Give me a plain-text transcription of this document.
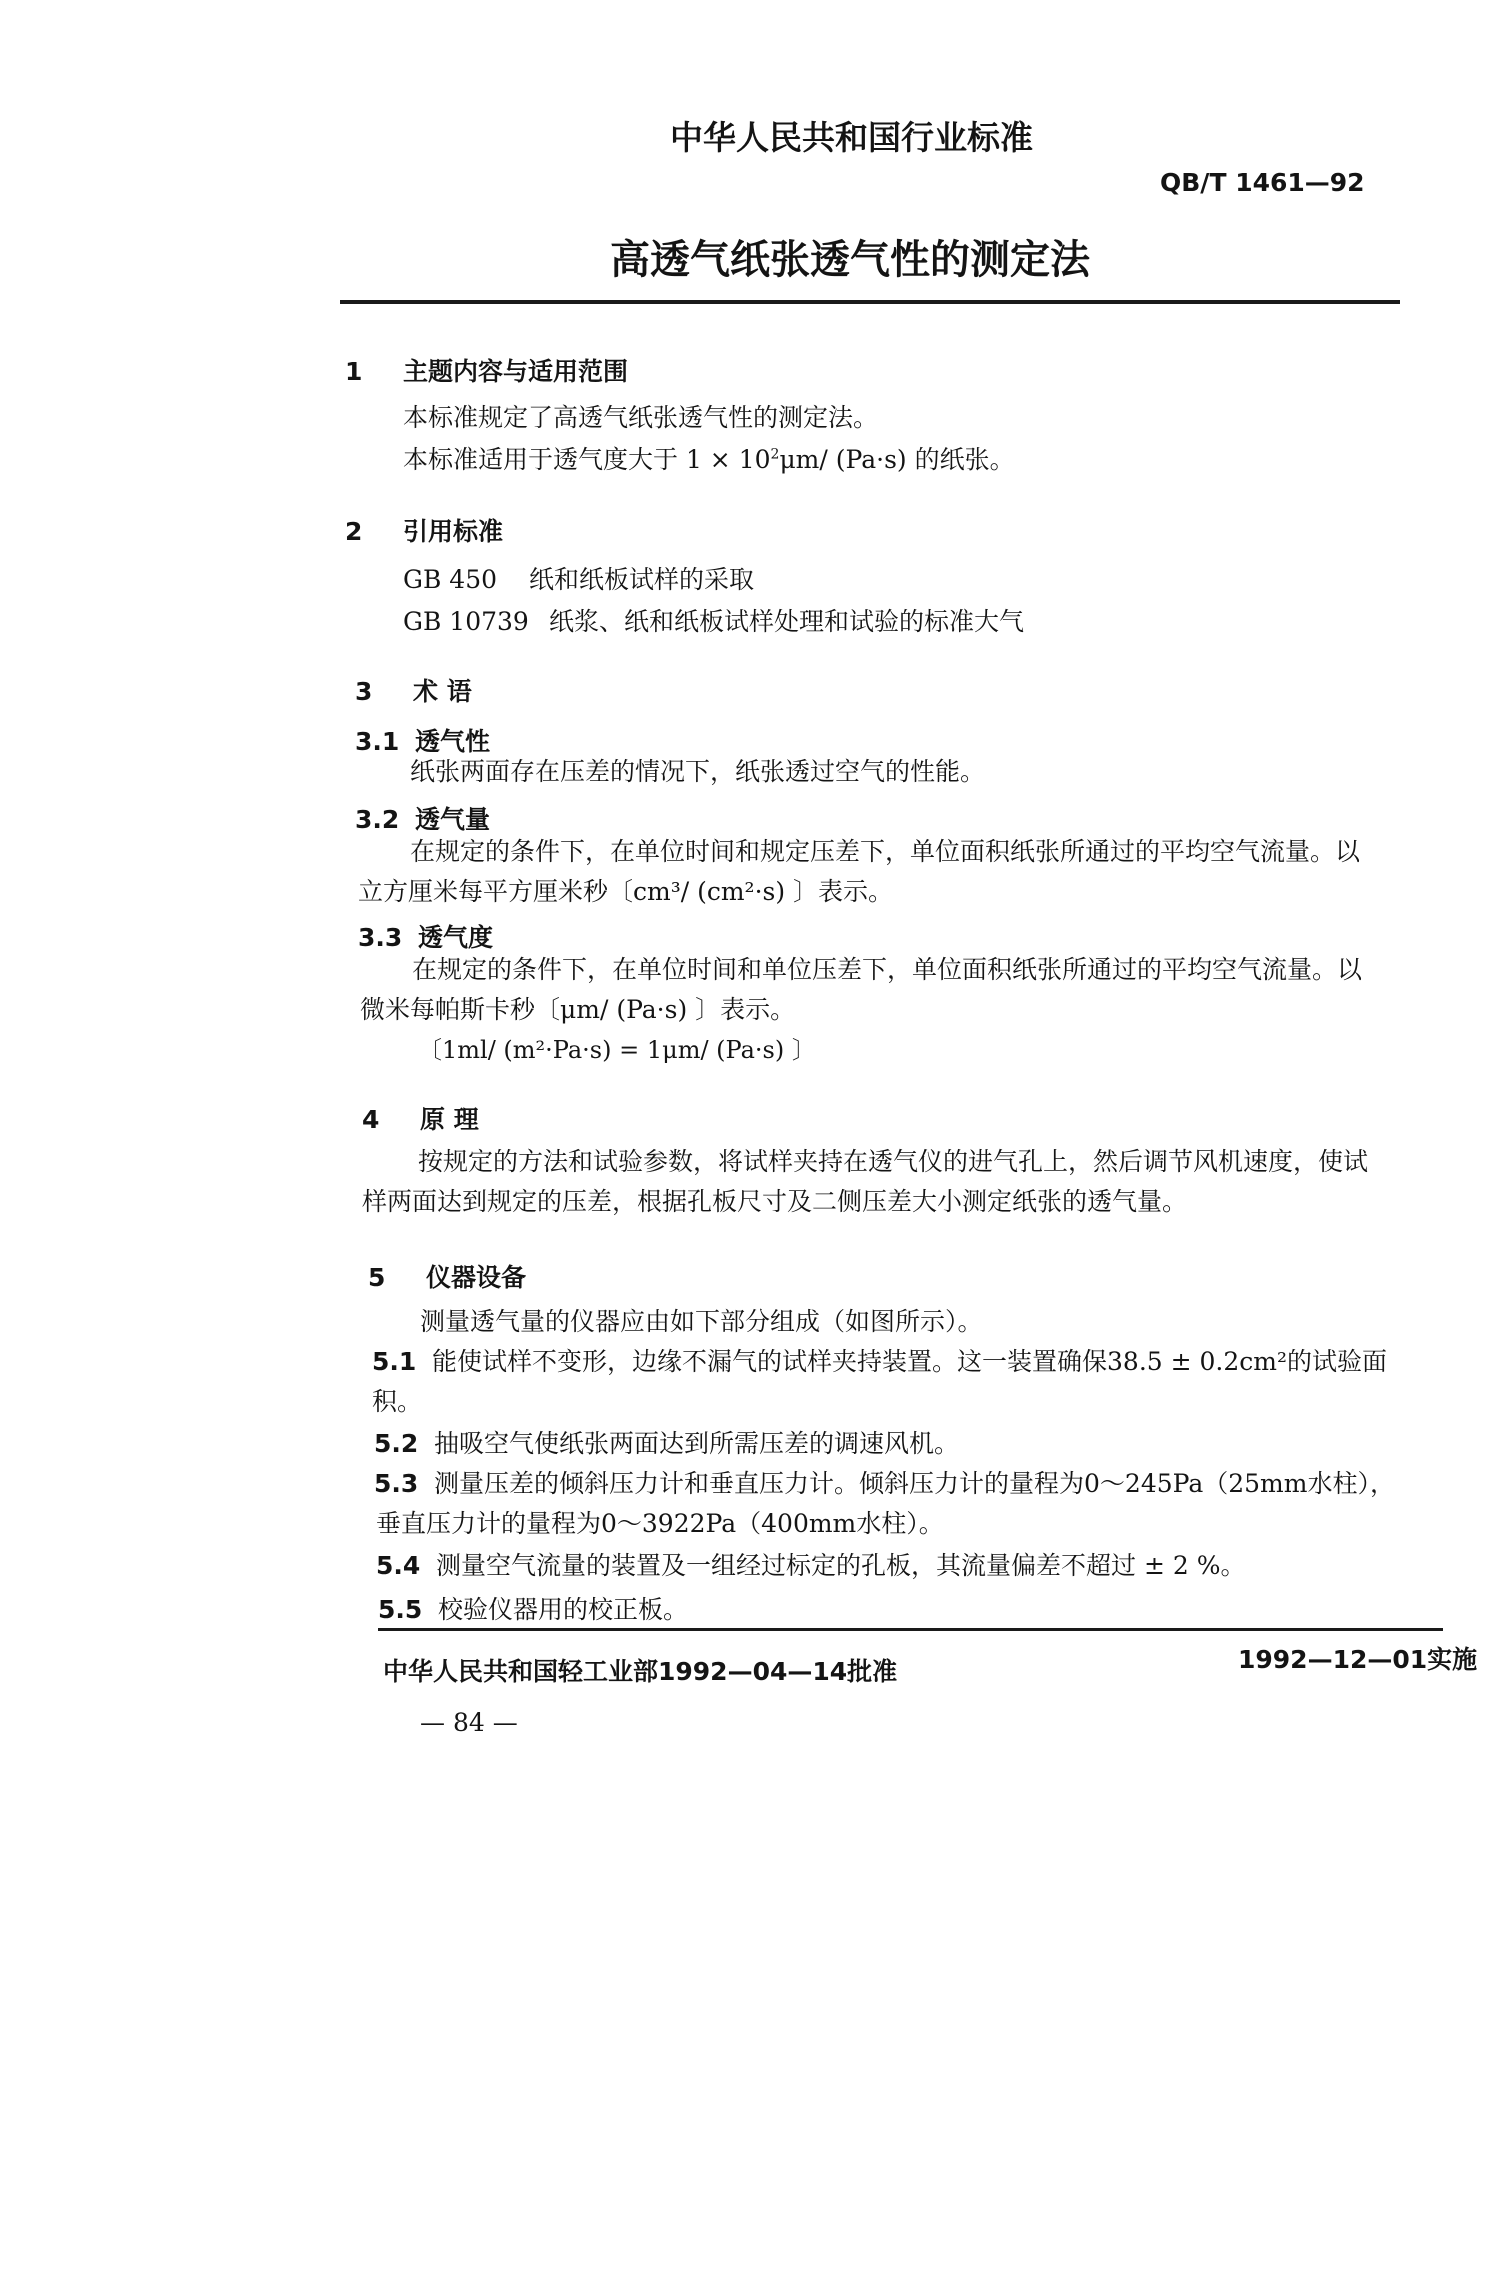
中华人民共和国行业标准
QB/T 1461—92
高透气纸张透气性的测定法
1 主题内容与适用范围
本标准规定了高透气纸张透气性的测定法。
本标准适用于透气度大于 $1 \times 10^2\mu m/$ (Pa·s) 的纸张。
2 引用标准
GB 450 纸和纸板试样的采取
GB 10739 纸浆、纸和纸板试样处理和试验的标准大气
3 术 语
3.1 透气性
纸张两面存在压差的情况下，纸张透过空气的性能。
3.2 透气量
在规定的条件下，在单位时间和规定压差下，单位面积纸张所通过的平均空气流量。以
立方厘米每平方厘米秒〔cm³/ (cm²·s) 〕表示。
3.3 透气度
在规定的条件下，在单位时间和单位压差下，单位面积纸张所通过的平均空气流量。以
微米每帕斯卡秒〔μm/ (Pa·s) 〕表示。
〔1ml/ (m²·Pa·s) = 1μm/ (Pa·s) 〕
4 原 理
按规定的方法和试验参数，将试样夹持在透气仪的进气孔上，然后调节风机速度，使试
样两面达到规定的压差，根据孔板尺寸及二侧压差大小测定纸张的透气量。
5 仪器设备
测量透气量的仪器应由如下部分组成（如图所示）。
5.1 能使试样不变形，边缘不漏气的试样夹持装置。这一装置确保38.5 ± 0.2cm²的试验面
积。
5.2 抽吸空气使纸张两面达到所需压差的调速风机。
5.3 测量压差的倾斜压力计和垂直压力计。倾斜压力计的量程为0～245Pa（25mm水柱），
垂直压力计的量程为0～3922Pa（400mm水柱）。
5.4 测量空气流量的装置及一组经过标定的孔板，其流量偏差不超过 ± 2 %。
5.5 校验仪器用的校正板。
1992—12—01实施
中华人民共和国轻工业部1992—04—14批准
— 84 —
